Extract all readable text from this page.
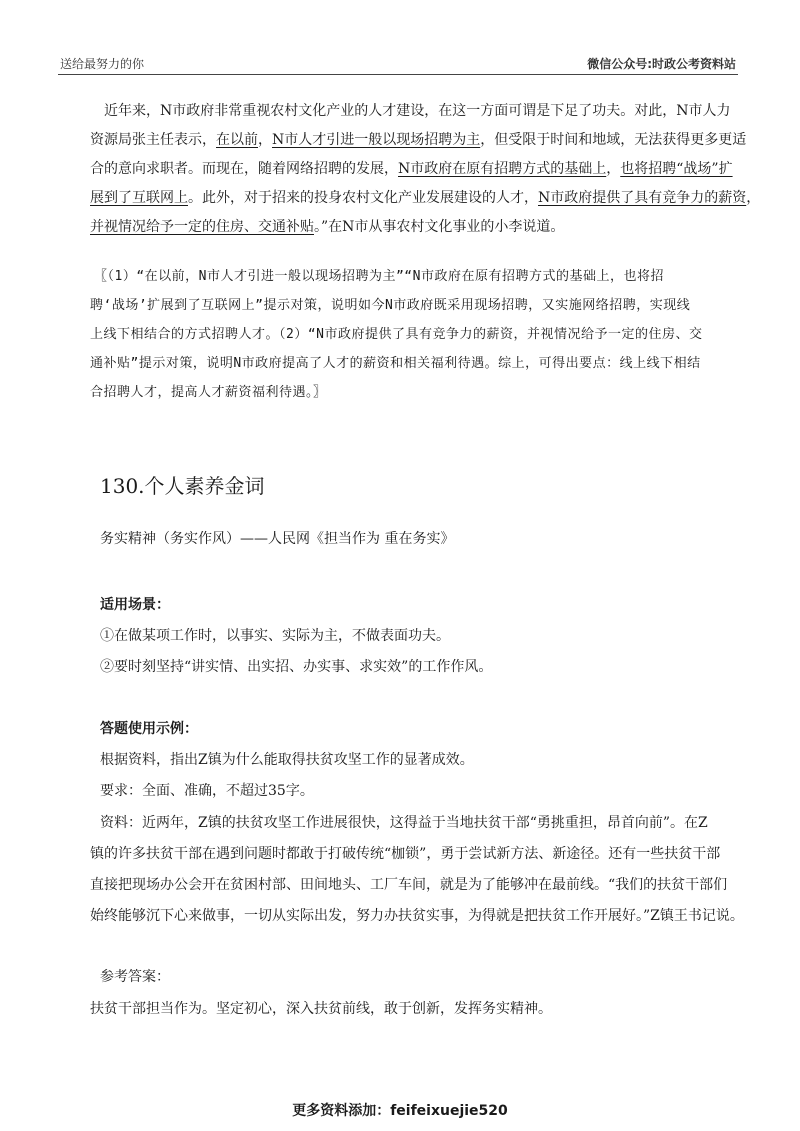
送给最努力的你	微信公众号:时政公考资料站
近年来，N市政府非常重视农村文化产业的人才建设，在这一方面可谓是下足了功夫。对此，N市人力
资源局张主任表示，在以前，N市人才引进一般以现场招聘为主，但受限于时间和地域，无法获得更多更适
合的意向求职者。而现在，随着网络招聘的发展，N市政府在原有招聘方式的基础上，也将招聘“战场”扩
展到了互联网上。此外，对于招来的投身农村文化产业发展建设的人才，N市政府提供了具有竞争力的薪资，
并视情况给予一定的住房、交通补贴。”在N市从事农村文化事业的小李说道。
〖（1）“在以前，N市人才引进一般以现场招聘为主”“N市政府在原有招聘方式的基础上，也将招
聘‘战场’扩展到了互联网上”提示对策，说明如今N市政府既采用现场招聘，又实施网络招聘，实现线
上线下相结合的方式招聘人才。（2）“N市政府提供了具有竞争力的薪资，并视情况给予一定的住房、交
通补贴”提示对策，说明N市政府提高了人才的薪资和相关福利待遇。综上，可得出要点：线上线下相结
合招聘人才，提高人才薪资福利待遇。〗
130.个人素养金词
务实精神（务实作风）——人民网《担当作为 重在务实》
适用场景：
①在做某项工作时，以事实、实际为主，不做表面功夫。
②要时刻坚持“讲实情、出实招、办实事、求实效”的工作作风。
答题使用示例：
根据资料，指出Z镇为什么能取得扶贫攻坚工作的显著成效。
要求：全面、准确，不超过35字。
资料：近两年，Z镇的扶贫攻坚工作进展很快，这得益于当地扶贫干部“勇挑重担，昂首向前”。在Z
镇的许多扶贫干部在遇到问题时都敢于打破传统“枷锁”，勇于尝试新方法、新途径。还有一些扶贫干部
直接把现场办公会开在贫困村部、田间地头、工厂车间，就是为了能够冲在最前线。“我们的扶贫干部们
始终能够沉下心来做事，一切从实际出发，努力办扶贫实事，为得就是把扶贫工作开展好。”Z镇王书记说。
参考答案：
扶贫干部担当作为。坚定初心，深入扶贫前线，敢于创新，发挥务实精神。
更多资料添加：feifeixuejie520
